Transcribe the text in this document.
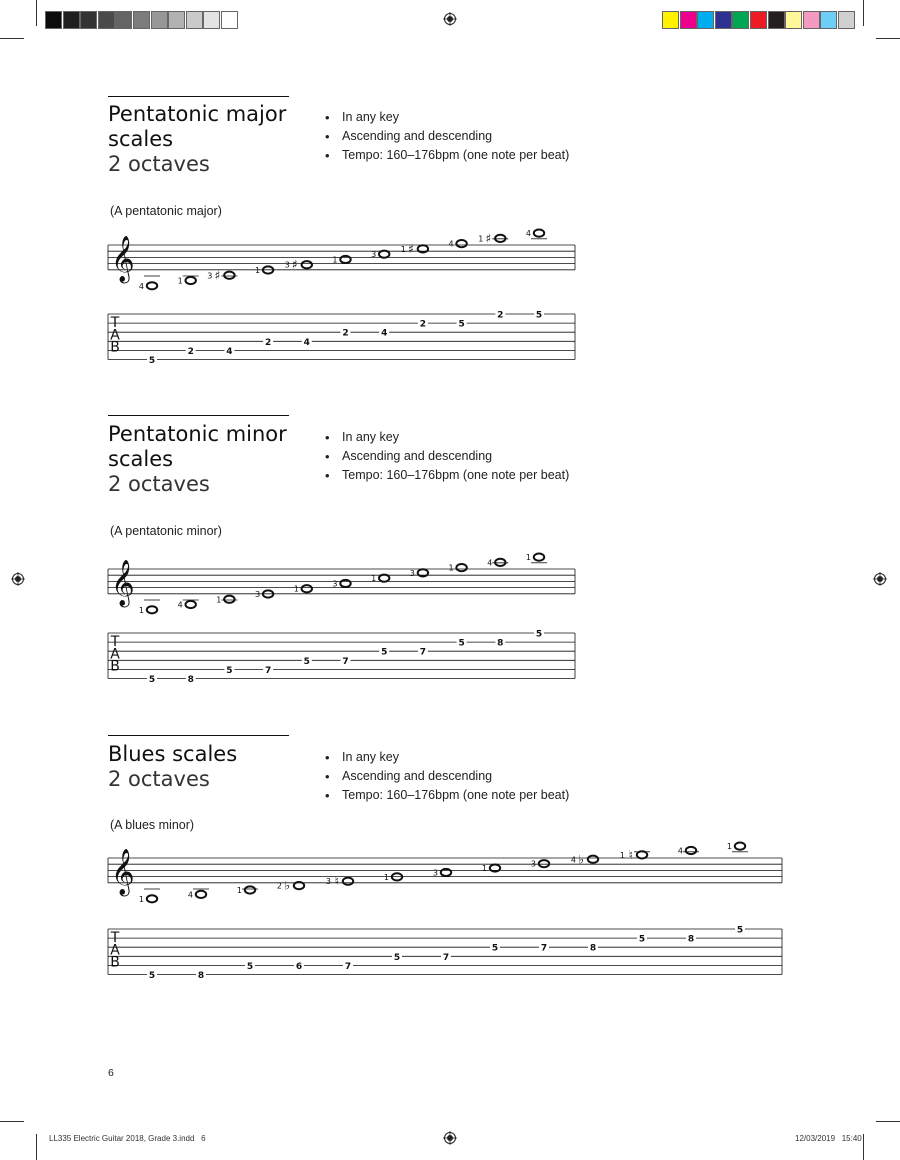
Pentatonic major
scales
2 octaves
• In any key
• Ascending and descending
• Tempo: 160–176bpm (one note per beat)
(A pentatonic major)
𝄞
T
A
B
4
5
1
2
♯
3
4
1
2
♯
3
4
1
2
3
4
♯
1
2
4
5
♯
1
2
4
5
Pentatonic minor
scales
2 octaves
• In any key
• Ascending and descending
• Tempo: 160–176bpm (one note per beat)
(A pentatonic minor)
𝄞
T
A
B
1
5
4
8
1
5
3
7
1
5
3
7
1
5
3
7
1
5
4
8
1
5
Blues scales
2 octaves
• In any key
• Ascending and descending
• Tempo: 160–176bpm (one note per beat)
(A blues minor)
𝄞
T
A
B
1
5
4
8
1
5
♭
2
6
♮
3
7
1
5
3
7
1
5
3
7
♭
4
8
♮
1
5
4
8
1
5
6
LL335 Electric Guitar 2018, Grade 3.indd   6	12/03/2019   15:40
